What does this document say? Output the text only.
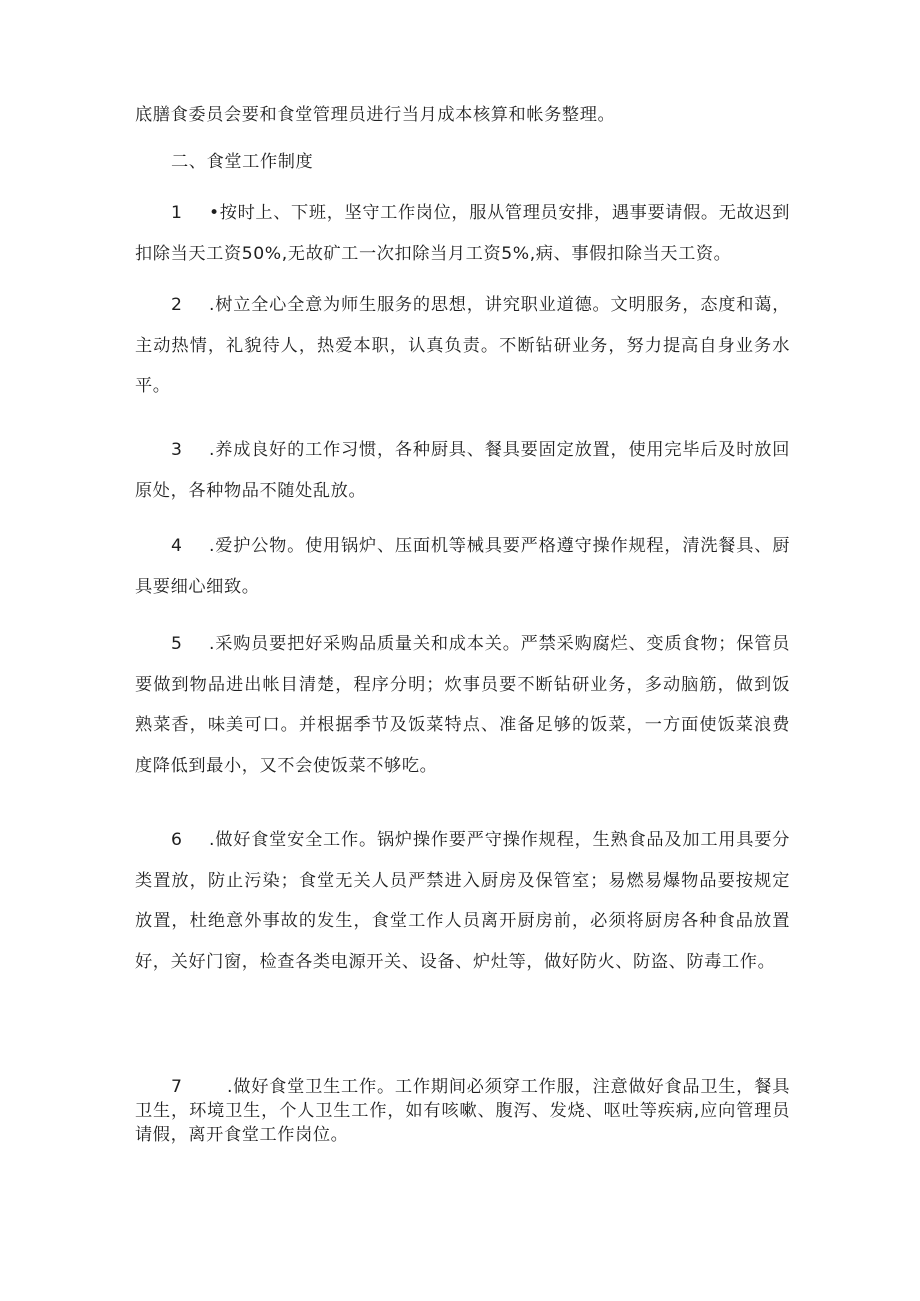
底膳食委员会要和食堂管理员进行当月成本核算和帐务整理。

二、食堂工作制度

1 •按时上、下班，坚守工作岗位，服从管理员安排，遇事要请假。无故迟到扣除当天工资50%,无故矿工一次扣除当月工资5%,病、事假扣除当天工资。

2 .树立全心全意为师生服务的思想，讲究职业道德。文明服务，态度和蔼，主动热情，礼貌待人，热爱本职，认真负责。不断钻研业务，努力提高自身业务水平。

3 .养成良好的工作习惯，各种厨具、餐具要固定放置，使用完毕后及时放回原处，各种物品不随处乱放。

4 .爱护公物。使用锅炉、压面机等械具要严格遵守操作规程，清洗餐具、厨具要细心细致。

5 .采购员要把好采购品质量关和成本关。严禁采购腐烂、变质食物；保管员要做到物品进出帐目清楚，程序分明；炊事员要不断钻研业务，多动脑筋，做到饭熟菜香，味美可口。并根据季节及饭菜特点、准备足够的饭菜，一方面使饭菜浪费度降低到最小，又不会使饭菜不够吃。

6 .做好食堂安全工作。锅炉操作要严守操作规程，生熟食品及加工用具要分类置放，防止污染；食堂无关人员严禁进入厨房及保管室；易燃易爆物品要按规定放置，杜绝意外事故的发生，食堂工作人员离开厨房前，必须将厨房各种食品放置好，关好门窗，检查各类电源开关、设备、炉灶等，做好防火、防盗、防毒工作。

7	.做好食堂卫生工作。工作期间必须穿工作服，注意做好食品卫生，餐具卫生，环境卫生，个人卫生工作，如有咳嗽、腹泻、发烧、呕吐等疾病,应向管理员请假，离开食堂工作岗位。
